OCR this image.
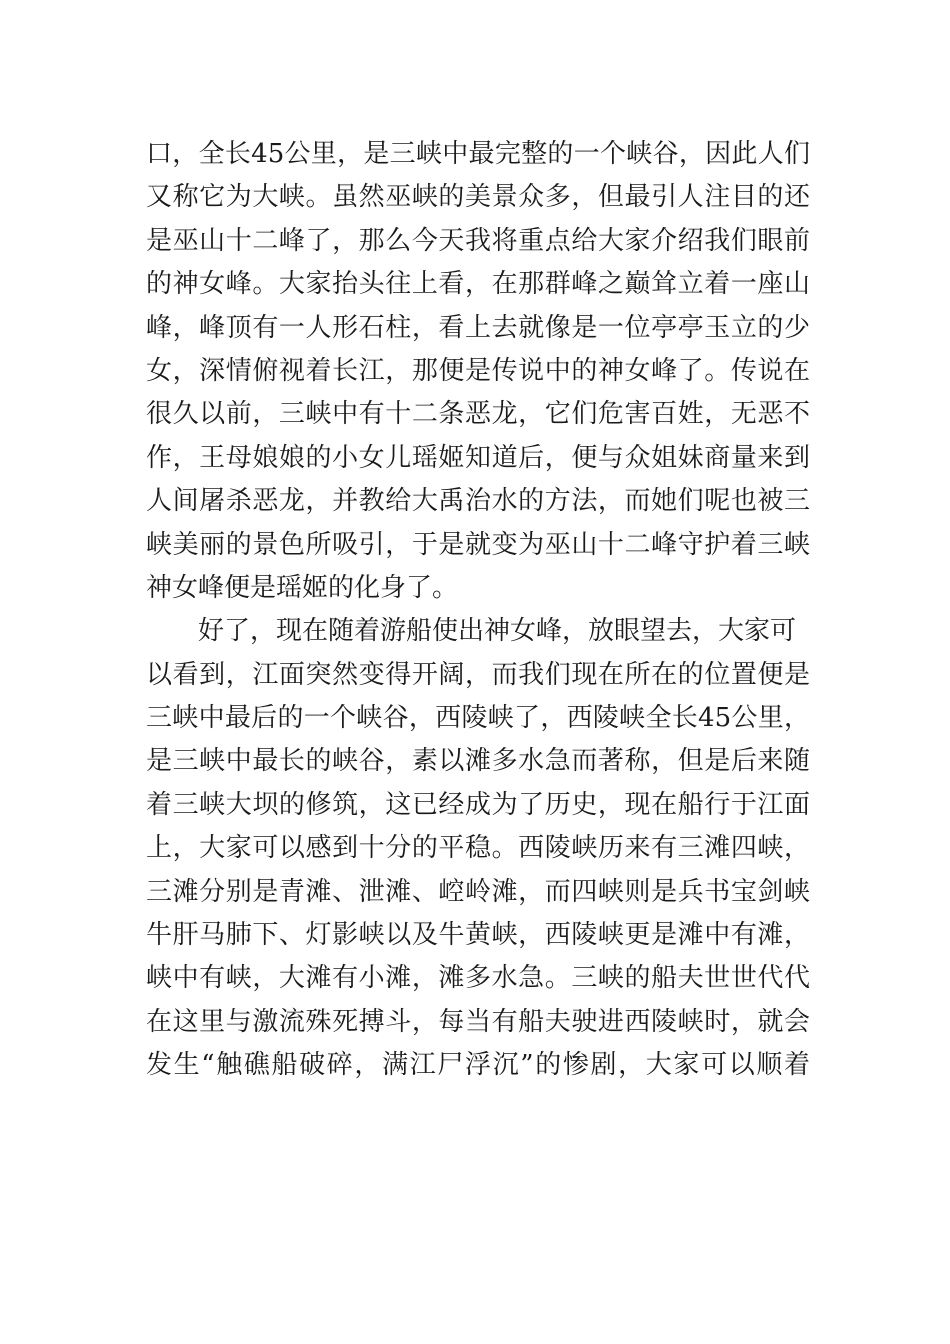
口，全长45公里，是三峡中最完整的一个峡谷，因此人们
又称它为大峡。虽然巫峡的美景众多，但最引人注目的还
是巫山十二峰了，那么今天我将重点给大家介绍我们眼前
的神女峰。大家抬头往上看，在那群峰之巅耸立着一座山
峰，峰顶有一人形石柱，看上去就像是一位亭亭玉立的少
女，深情俯视着长江，那便是传说中的神女峰了。传说在
很久以前，三峡中有十二条恶龙，它们危害百姓，无恶不
作，王母娘娘的小女儿瑶姬知道后，便与众姐妹商量来到
人间屠杀恶龙，并教给大禹治水的方法，而她们呢也被三
峡美丽的景色所吸引，于是就变为巫山十二峰守护着三峡
神女峰便是瑶姬的化身了。
好了，现在随着游船使出神女峰，放眼望去，大家可
以看到，江面突然变得开阔，而我们现在所在的位置便是
三峡中最后的一个峡谷，西陵峡了，西陵峡全长45公里，
是三峡中最长的峡谷，素以滩多水急而著称，但是后来随
着三峡大坝的修筑，这已经成为了历史，现在船行于江面
上，大家可以感到十分的平稳。西陵峡历来有三滩四峡，
三滩分别是青滩、泄滩、崆岭滩，而四峡则是兵书宝剑峡
牛肝马肺下、灯影峡以及牛黄峡，西陵峡更是滩中有滩，
峡中有峡，大滩有小滩，滩多水急。三峡的船夫世世代代
在这里与激流殊死搏斗，每当有船夫驶进西陵峡时，就会
发生“触礁船破碎，满江尸浮沉”的惨剧，大家可以顺着
